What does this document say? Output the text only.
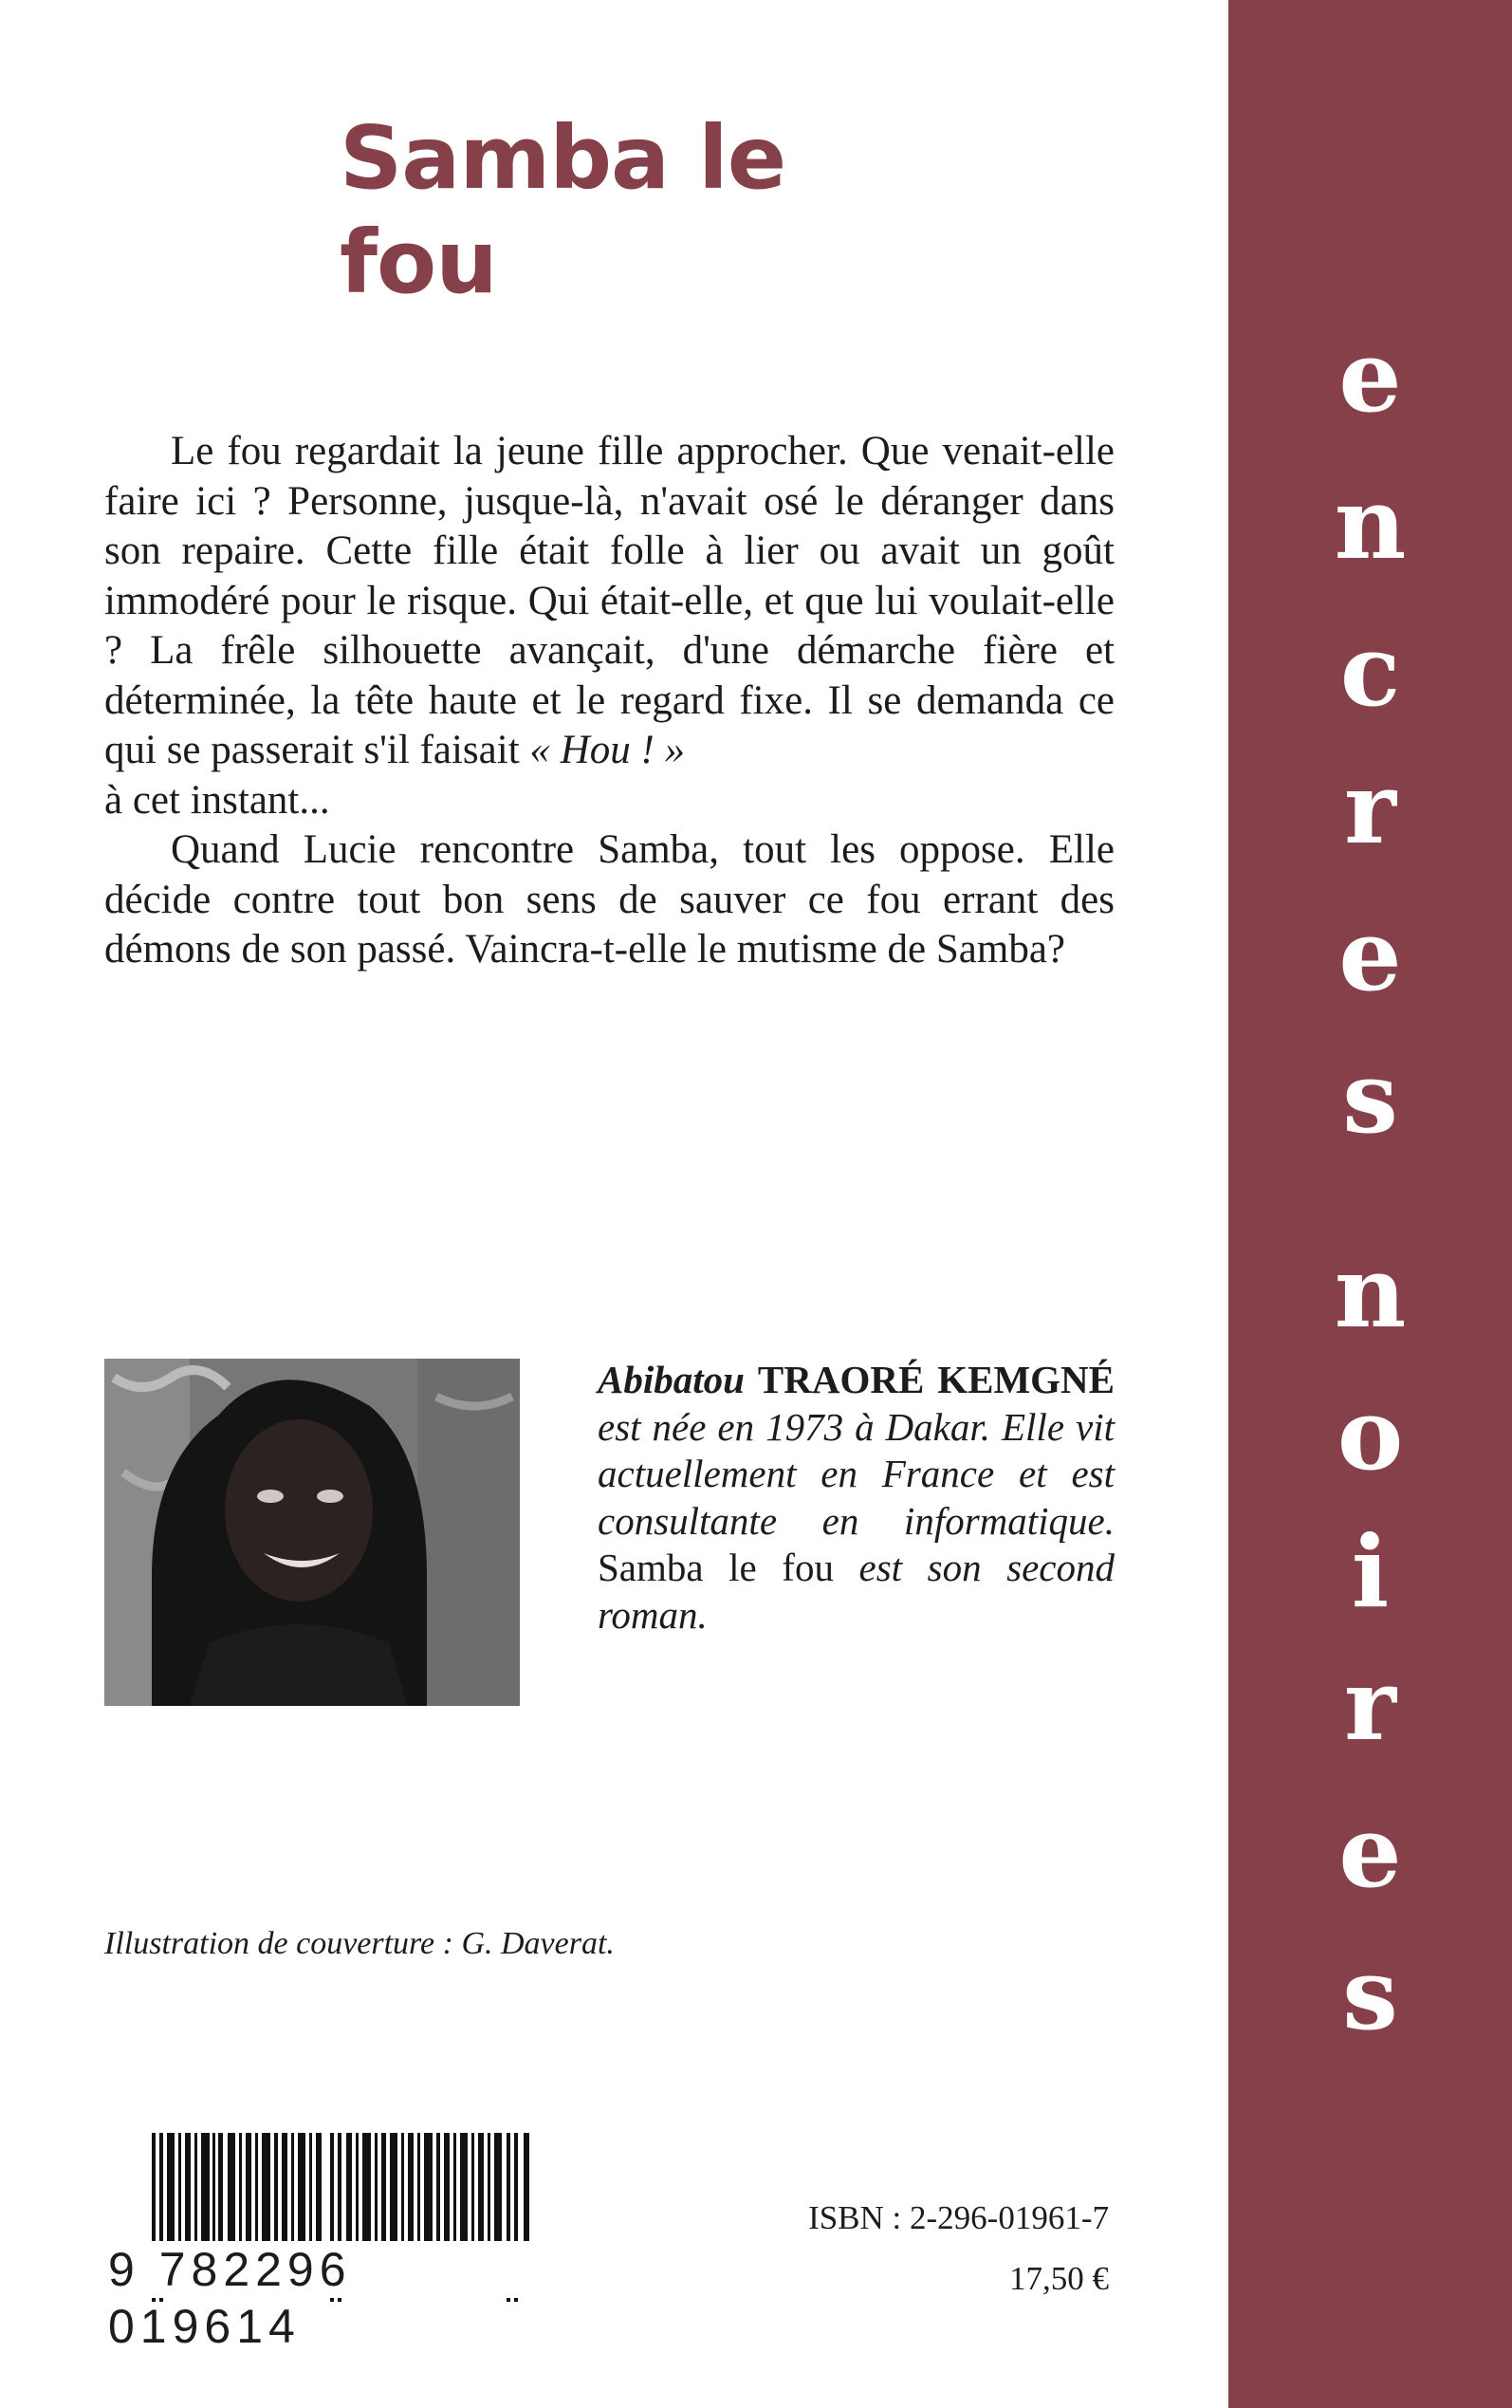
Samba le fou

Le fou regardait la jeune fille approcher. Que venait-elle faire ici ? Personne, jusque-là, n'avait osé le déranger dans son repaire. Cette fille était folle à lier ou avait un goût immodéré pour le risque. Qui était-elle, et que lui voulait-elle ? La frêle silhouette avançait, d'une démarche fière et déterminée, la tête haute et le regard fixe. Il se demanda ce qui se passerait s'il faisait « Hou ! »
à cet instant...

Quand Lucie rencontre Samba, tout les oppose. Elle décide contre tout bon sens de sauver ce fou errant des démons de son passé. Vaincra-t-elle le mutisme de Samba?

Abibatou TRAORÉ KEMGNÉ est née en 1973 à Dakar. Elle vit actuellement en France et est consultante en informatique. Samba le fou est son second roman.
Illustration de couverture : G. Daverat.
9 782296 019614
ISBN : 2-296-01961-7
17,50 €
e
n
c
r
e
s
n
o
i
r
e
s
